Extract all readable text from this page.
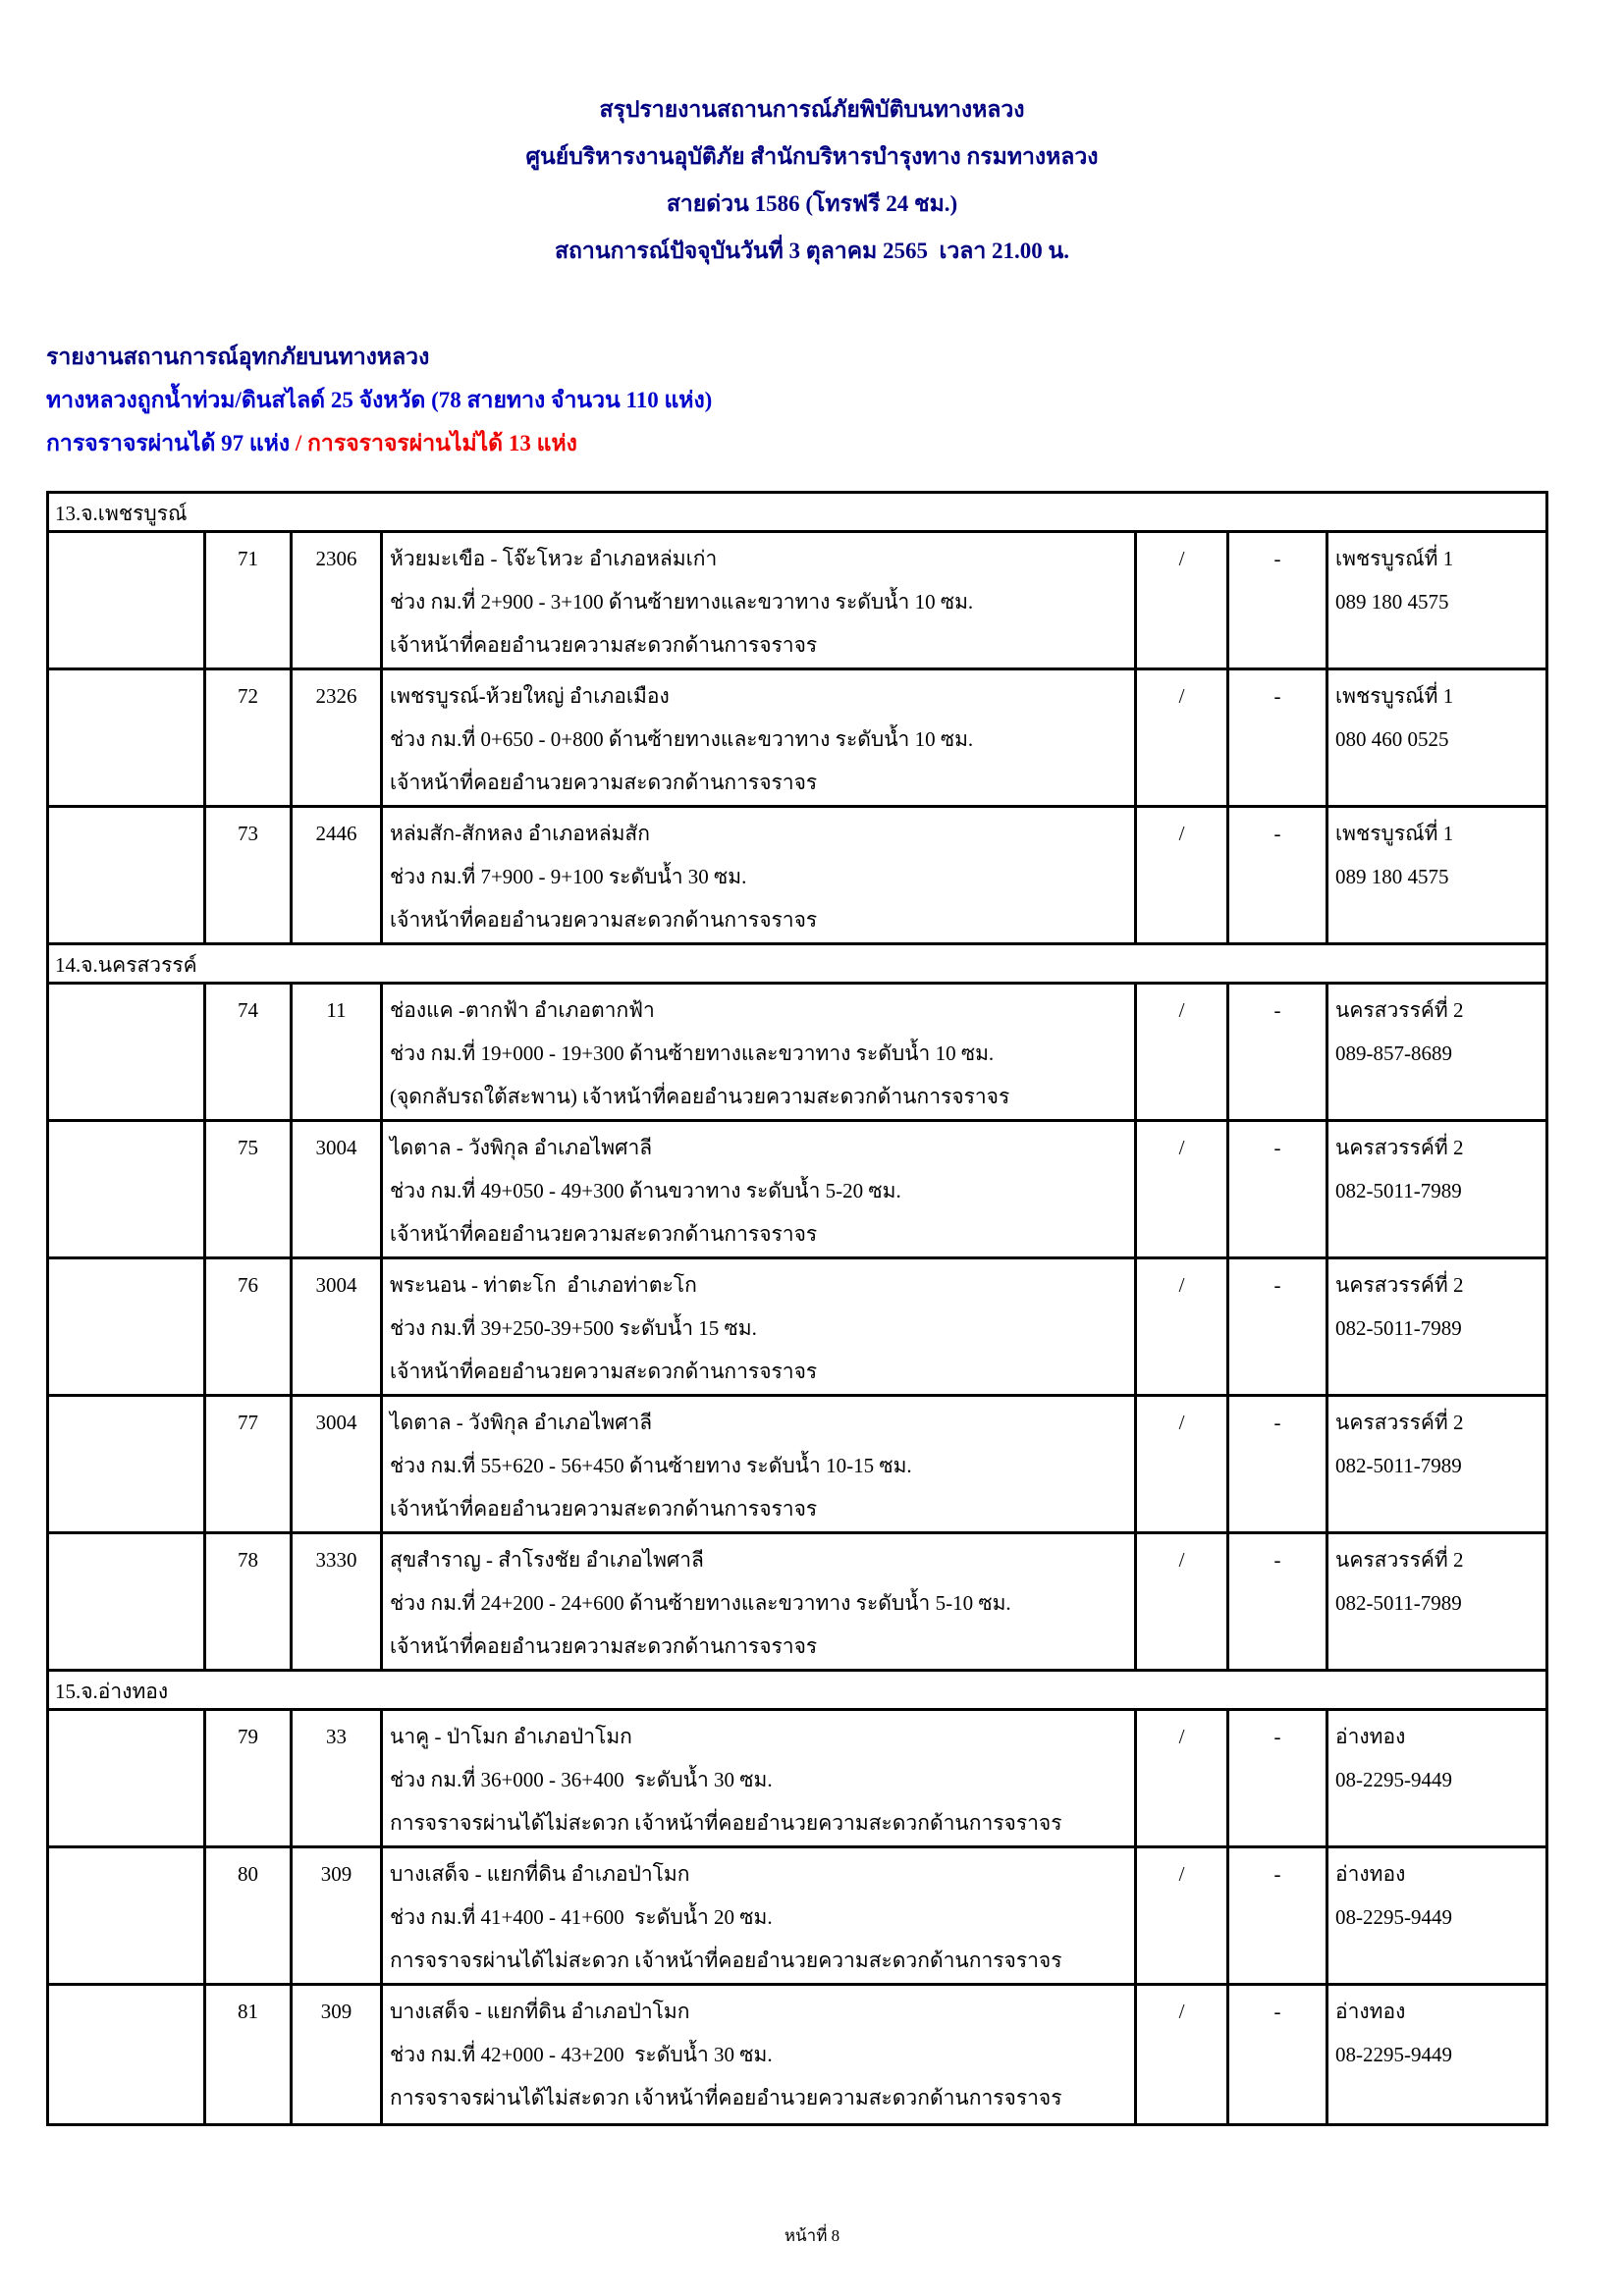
สรุปรายงานสถานการณ์ภัยพิบัติบนทางหลวง
ศูนย์บริหารงานอุบัติภัย สำนักบริหารบำรุงทาง กรมทางหลวง
สายด่วน 1586 (โทรฟรี 24 ชม.)
สถานการณ์ปัจจุบันวันที่ 3 ตุลาคม 2565  เวลา 21.00 น.
รายงานสถานการณ์อุทกภัยบนทางหลวง
ทางหลวงถูกน้ำท่วม/ดินสไลด์ 25 จังหวัด (78 สายทาง จำนวน 110 แห่ง)
การจราจรผ่านได้ 97 แห่ง / การจราจรผ่านไม่ได้ 13 แห่ง
13.จ.เพชรบูรณ์
71	2306	ห้วยมะเขือ - โจ๊ะโหวะ อำเภอหล่มเก่า
ช่วง กม.ที่ 2+900 - 3+100 ด้านซ้ายทางและขวาทาง ระดับน้ำ 10 ซม.
เจ้าหน้าที่คอยอำนวยความสะดวกด้านการจราจร
/	-	เพชรบูรณ์ที่ 1
089 180 4575
72	2326	เพชรบูรณ์-ห้วยใหญ่ อำเภอเมือง
ช่วง กม.ที่ 0+650 - 0+800 ด้านซ้ายทางและขวาทาง ระดับน้ำ 10 ซม.
เจ้าหน้าที่คอยอำนวยความสะดวกด้านการจราจร
/	-	เพชรบูรณ์ที่ 1
080 460 0525
73	2446	หล่มสัก-สักหลง อำเภอหล่มสัก
ช่วง กม.ที่ 7+900 - 9+100 ระดับน้ำ 30 ซม.
เจ้าหน้าที่คอยอำนวยความสะดวกด้านการจราจร
/	-	เพชรบูรณ์ที่ 1
089 180 4575
14.จ.นครสวรรค์
74	11	ช่องแค -ตากฟ้า อำเภอตากฟ้า
ช่วง กม.ที่ 19+000 - 19+300 ด้านซ้ายทางและขวาทาง ระดับน้ำ 10 ซม.
(จุดกลับรถใต้สะพาน) เจ้าหน้าที่คอยอำนวยความสะดวกด้านการจราจร
/	-	นครสวรรค์ที่ 2
089-857-8689
75	3004	ไดตาล - วังพิกุล อำเภอไพศาลี
ช่วง กม.ที่ 49+050 - 49+300 ด้านขวาทาง ระดับน้ำ 5-20 ซม.
เจ้าหน้าที่คอยอำนวยความสะดวกด้านการจราจร
/	-	นครสวรรค์ที่ 2
082-5011-7989
76	3004	พระนอน - ท่าตะโก  อำเภอท่าตะโก
ช่วง กม.ที่ 39+250-39+500 ระดับน้ำ 15 ซม.
เจ้าหน้าที่คอยอำนวยความสะดวกด้านการจราจร
/	-	นครสวรรค์ที่ 2
082-5011-7989
77	3004	ไดตาล - วังพิกุล อำเภอไพศาลี
ช่วง กม.ที่ 55+620 - 56+450 ด้านซ้ายทาง ระดับน้ำ 10-15 ซม.
เจ้าหน้าที่คอยอำนวยความสะดวกด้านการจราจร
/	-	นครสวรรค์ที่ 2
082-5011-7989
78	3330	สุขสำราญ - สำโรงชัย อำเภอไพศาลี
ช่วง กม.ที่ 24+200 - 24+600 ด้านซ้ายทางและขวาทาง ระดับน้ำ 5-10 ซม.
เจ้าหน้าที่คอยอำนวยความสะดวกด้านการจราจร
/	-	นครสวรรค์ที่ 2
082-5011-7989
15.จ.อ่างทอง
79	33	นาคู - ป่าโมก อำเภอป่าโมก
ช่วง กม.ที่ 36+000 - 36+400  ระดับน้ำ 30 ซม.
การจราจรผ่านได้ไม่สะดวก เจ้าหน้าที่คอยอำนวยความสะดวกด้านการจราจร
/	-	อ่างทอง
08-2295-9449
80	309	บางเสด็จ - แยกที่ดิน อำเภอป่าโมก
ช่วง กม.ที่ 41+400 - 41+600  ระดับน้ำ 20 ซม.
การจราจรผ่านได้ไม่สะดวก เจ้าหน้าที่คอยอำนวยความสะดวกด้านการจราจร
/	-	อ่างทอง
08-2295-9449
81	309	บางเสด็จ - แยกที่ดิน อำเภอป่าโมก
ช่วง กม.ที่ 42+000 - 43+200  ระดับน้ำ 30 ซม.
การจราจรผ่านได้ไม่สะดวก เจ้าหน้าที่คอยอำนวยความสะดวกด้านการจราจร
/	-	อ่างทอง
08-2295-9449
หน้าที่ 8
